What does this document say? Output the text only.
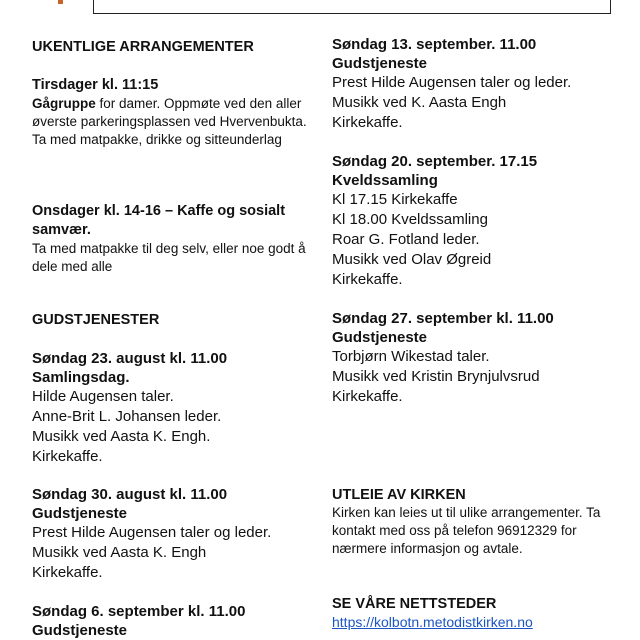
UKENTLIGE ARRANGEMENTER

Tirsdager kl. 11:15

Gågruppe for damer. Oppmøte ved den aller øverste parkeringsplassen ved Hvervenbukta. Ta med matpakke, drikke og sitteunderlag

Onsdager kl. 14-16 – Kaffe og sosialt samvær.

Ta med matpakke til deg selv, eller noe godt å dele med alle

GUDSTJENESTER

Søndag 23. august kl. 11.00

Samlingsdag.

Hilde Augensen taler.

Anne-Brit L. Johansen leder.

Musikk ved Aasta K. Engh.

Kirkekaffe.

Søndag 30. august kl. 11.00

Gudstjeneste

Prest Hilde Augensen taler og leder.

Musikk ved Aasta K. Engh

Kirkekaffe.

Søndag 6. september kl. 11.00

Gudstjeneste

Søndag 13. september. 11.00

Gudstjeneste

Prest Hilde Augensen taler og leder.

Musikk ved K. Aasta Engh

Kirkekaffe.

Søndag 20. september. 17.15

Kveldssamling

Kl 17.15 Kirkekaffe

Kl 18.00 Kveldssamling

Roar G. Fotland leder.

Musikk ved Olav Øgreid

Kirkekaffe.

Søndag 27. september kl. 11.00

Gudstjeneste

Torbjørn Wikestad taler.

Musikk ved Kristin Brynjulvsrud

Kirkekaffe.

UTLEIE AV KIRKEN

Kirken kan leies ut til ulike arrangementer. Ta kontakt med oss på telefon 96912329 for nærmere informasjon og avtale.

SE VÅRE NETTSTEDER

https://kolbotn.metodistkirken.no
